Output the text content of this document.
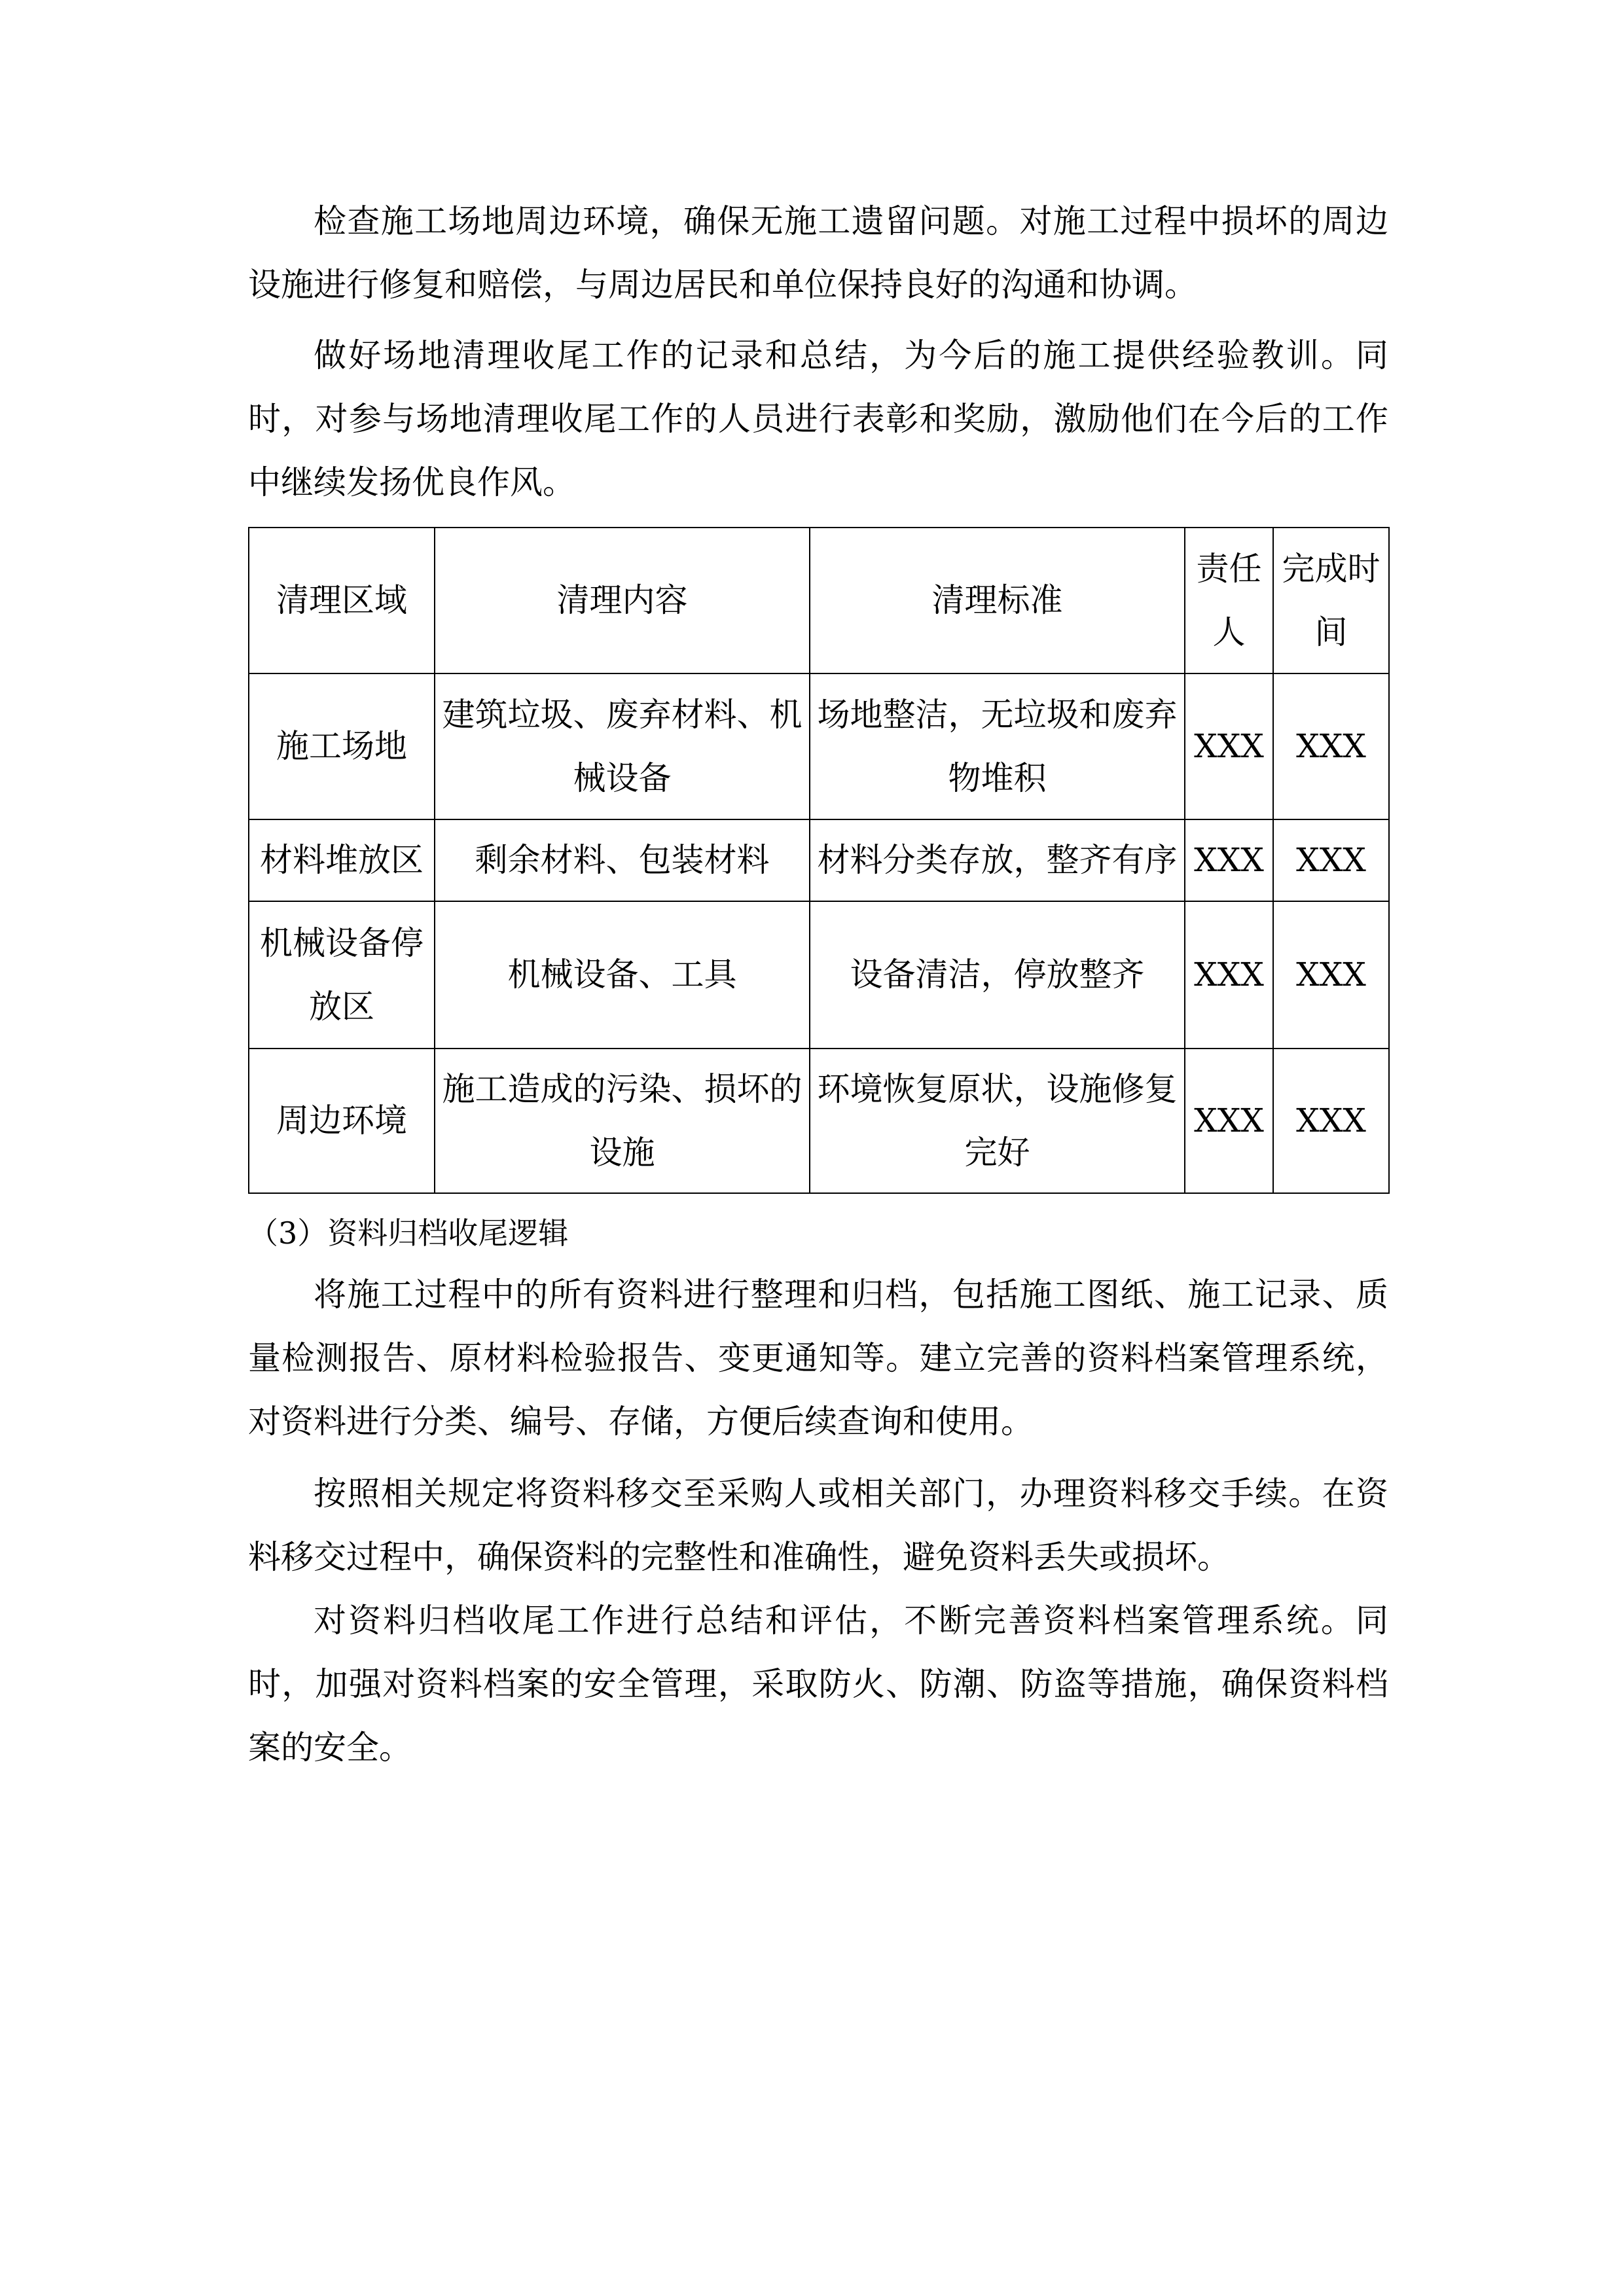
检查施工场地周边环境，确保无施工遗留问题。对施工过程中损坏的周边
设施进行修复和赔偿，与周边居民和单位保持良好的沟通和协调。
做好场地清理收尾工作的记录和总结，为今后的施工提供经验教训。同
时，对参与场地清理收尾工作的人员进行表彰和奖励，激励他们在今后的工作
中继续发扬优良作风。
清理区域	清理内容	清理标准	责任人	完成时间
施工场地	建筑垃圾、废弃材料、机械设备	场地整洁，无垃圾和废弃物堆积	XXX	XXX
材料堆放区	剩余材料、包装材料	材料分类存放，整齐有序	XXX	XXX
机械设备停放区	机械设备、工具	设备清洁，停放整齐	XXX	XXX
周边环境	施工造成的污染、损坏的设施	环境恢复原状，设施修复完好	XXX	XXX
（3）资料归档收尾逻辑
将施工过程中的所有资料进行整理和归档，包括施工图纸、施工记录、质
量检测报告、原材料检验报告、变更通知等。建立完善的资料档案管理系统，
对资料进行分类、编号、存储，方便后续查询和使用。
按照相关规定将资料移交至采购人或相关部门，办理资料移交手续。在资
料移交过程中，确保资料的完整性和准确性，避免资料丢失或损坏。
对资料归档收尾工作进行总结和评估，不断完善资料档案管理系统。同
时，加强对资料档案的安全管理，采取防火、防潮、防盗等措施，确保资料档
案的安全。
